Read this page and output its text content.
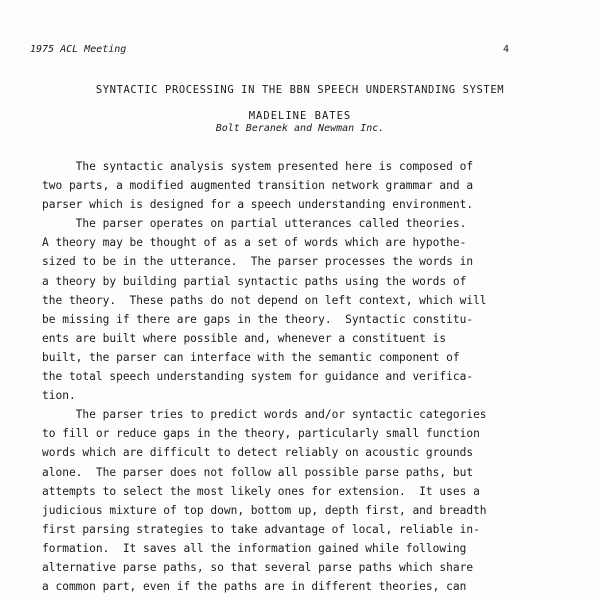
1975 ACL Meeting	4
SYNTACTIC PROCESSING IN THE BBN SPEECH UNDERSTANDING SYSTEM
MADELINE BATES
Bolt Beranek and Newman Inc.
The syntactic analysis system presented here is composed of
two parts, a modified augmented transition network grammar and a
parser which is designed for a speech understanding environment.
The parser operates on partial utterances called theories.
A theory may be thought of as a set of words which are hypothe-
sized to be in the utterance.  The parser processes the words in
a theory by building partial syntactic paths using the words of
the theory.  These paths do not depend on left context, which will
be missing if there are gaps in the theory.  Syntactic constitu-
ents are built where possible and, whenever a constituent is
built, the parser can interface with the semantic component of
the total speech understanding system for guidance and verifica-
tion.
The parser tries to predict words and/or syntactic categories
to fill or reduce gaps in the theory, particularly small function
words which are difficult to detect reliably on acoustic grounds
alone.  The parser does not follow all possible parse paths, but
attempts to select the most likely ones for extension.  It uses a
judicious mixture of top down, bottom up, depth first, and breadth
first parsing strategies to take advantage of local, reliable in-
formation.  It saves all the information gained while following
alternative parse paths, so that several parse paths which share
a common part, even if the paths are in different theories, can
